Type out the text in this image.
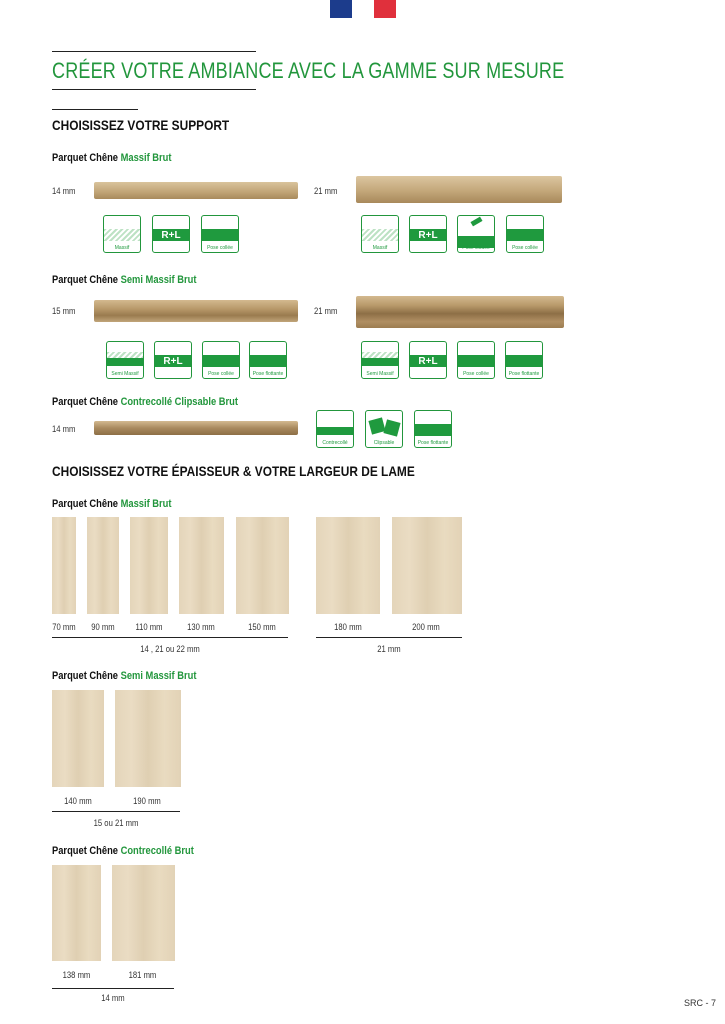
CRÉER VOTRE AMBIANCE AVEC LA GAMME SUR MESURE
CHOISISSEZ VOTRE SUPPORT
Parquet Chêne Massif Brut
14 mm	21 mm
Massif
R+L
Pose collée	Massif
R+L
Pose clouée	Pose collée
Parquet Chêne Semi Massif Brut
15 mm	21 mm
Semi Massif
R+L
Pose collée	Pose flottante	Semi Massif
R+L
Pose collée	Pose flottante
Parquet Chêne Contrecollé Clipsable Brut
14 mm
Contrecollé	Clipsable	Pose flottante
CHOISISSEZ VOTRE ÉPAISSEUR & VOTRE LARGEUR DE LAME
Parquet Chêne Massif Brut
70 mm	90 mm	110 mm	130 mm	150 mm	180 mm	200 mm
14 , 21 ou 22 mm	21 mm
Parquet Chêne Semi Massif Brut
140 mm	190 mm
15 ou 21 mm
Parquet Chêne Contrecollé Brut
138 mm	181 mm
14 mm	SRC - 7
